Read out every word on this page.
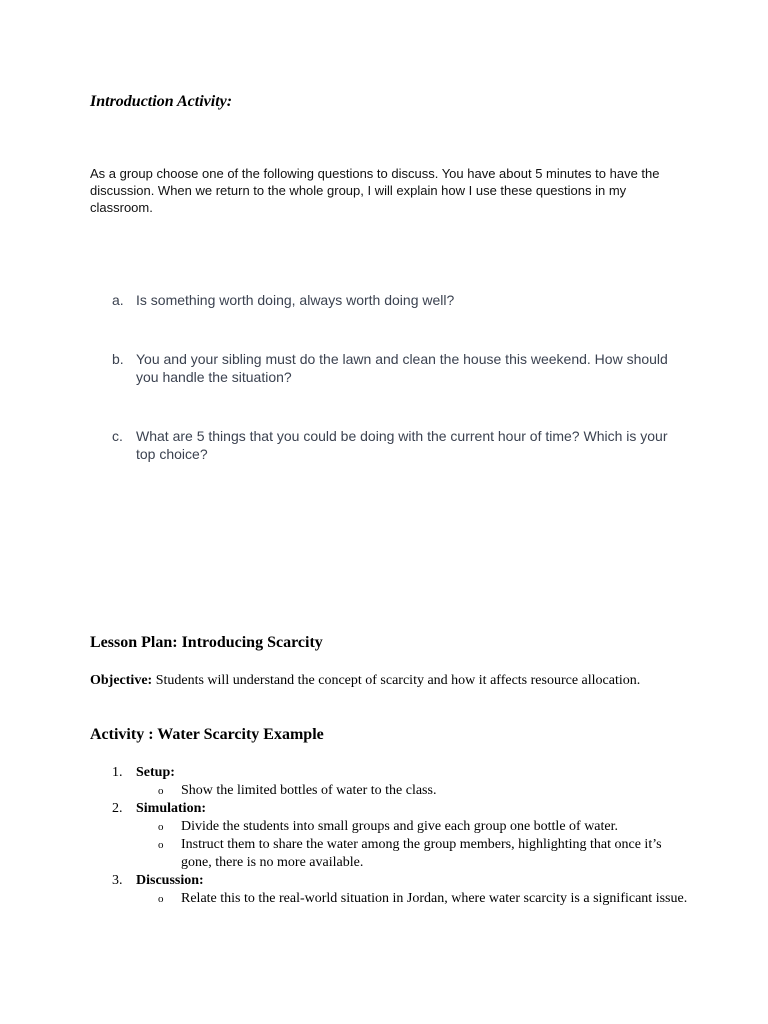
Introduction Activity:
As a group choose one of the following questions to discuss. You have about 5 minutes to have the discussion. When we return to the whole group, I will explain how I use these questions in my classroom.
a. Is something worth doing, always worth doing well?
b. You and your sibling must do the lawn and clean the house this weekend. How should you handle the situation?
c. What are 5 things that you could be doing with the current hour of time? Which is your top choice?
Lesson Plan: Introducing Scarcity
Objective: Students will understand the concept of scarcity and how it affects resource allocation.
Activity : Water Scarcity Example
1. Setup:
o Show the limited bottles of water to the class.
2. Simulation:
o Divide the students into small groups and give each group one bottle of water.
o Instruct them to share the water among the group members, highlighting that once it’s gone, there is no more available.
3. Discussion:
o Relate this to the real-world situation in Jordan, where water scarcity is a significant issue.
